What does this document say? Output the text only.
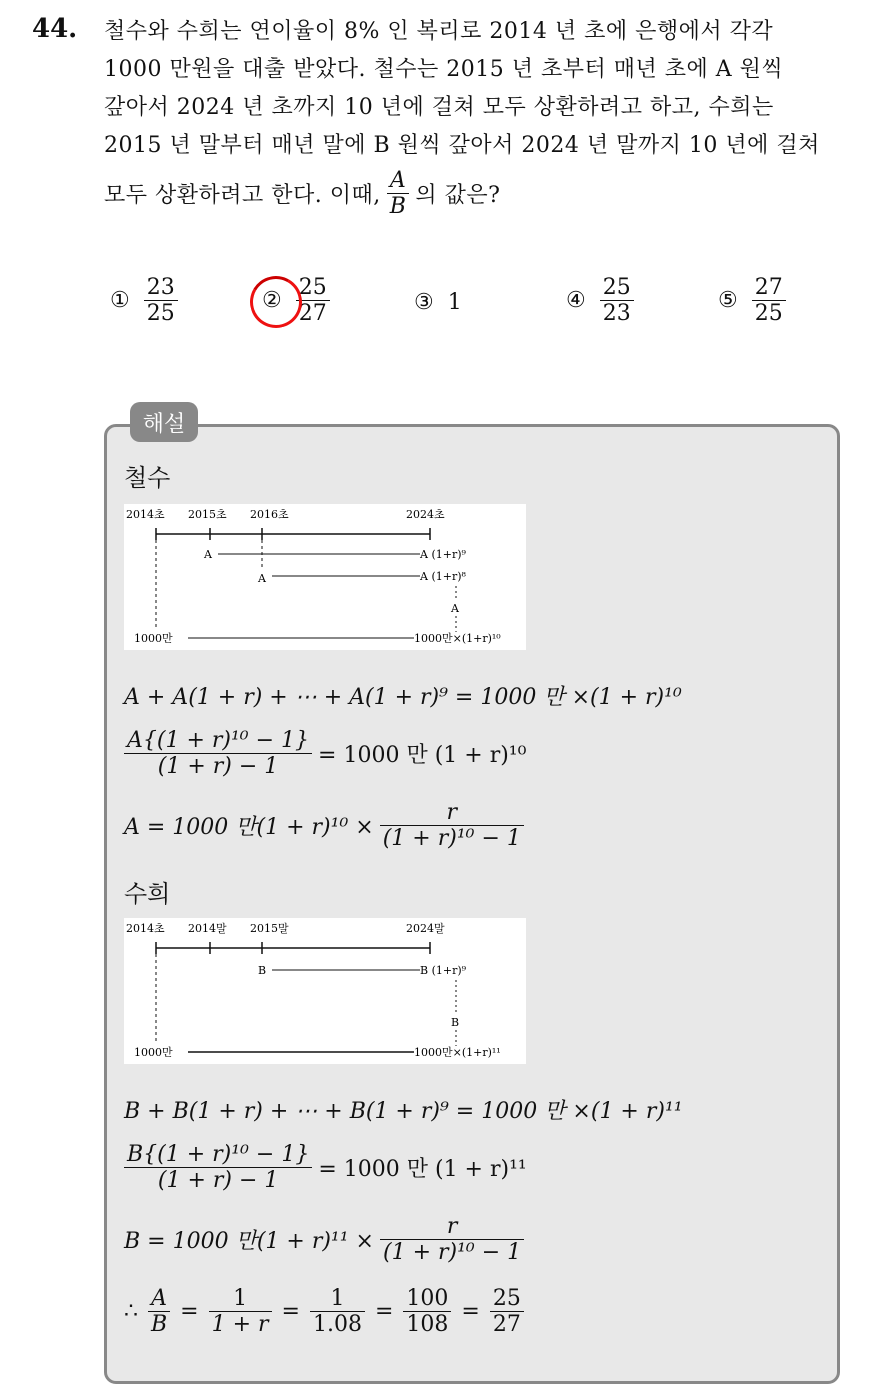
44. 철수와 수희는 연이율이 8% 인 복리로 2014 년 초에 은행에서 각각
1000 만원을 대출 받았다. 철수는 2015 년 초부터 매년 초에 A 원씩
갚아서 2024 년 초까지 10 년에 걸쳐 모두 상환하려고 하고, 수희는
2015 년 말부터 매년 말에 B 원씩 갚아서 2024 년 말까지 10 년에 걸쳐
모두 상환하려고 한다. 이때, $\frac{A}{B}$ 의 값은?
① $\frac{23}{25}$	② $\frac{25}{27}$	③ 1	④ $\frac{25}{23}$	⑤ $\frac{27}{25}$
해설
철수
2014초 2015초 2016초	2024초
A	A (1+r)⁹
A	A (1+r)⁸
A
1000만	1000만×(1+r)¹⁰
A + A(1 + r) + ⋯ + A(1 + r)⁹ = 1000 만 ×(1 + r)¹⁰
$\frac{\text{A\{(1 + r)¹⁰ − 1\}}}{(1 + r) - 1} = 1000$ 만 (1 + r)¹⁰
A = 1000 만$(1 + r)^{10} \times \frac{r}{\text{(1 + r)¹⁰ − 1}}$
수희
2014초 2014말 2015말	2024말
B	B (1+r)⁹
B
1000만	1000만×(1+r)¹¹
B + B(1 + r) + ⋯ + B(1 + r)⁹ = 1000 만 ×(1 + r)¹¹
$\frac{\text{B\{(1 + r)¹⁰ − 1\}}}{(1 + r) - 1} = 1000$ 만 (1 + r)¹¹
B = 1000 만$(1 + r)^{11} \times \frac{r}{\text{(1 + r)¹⁰ − 1}}$
∴ $\frac{A}{B} = \frac{1}{1 + r} = \frac{1}{1.08} = \frac{100}{108} = \frac{25}{27}$
